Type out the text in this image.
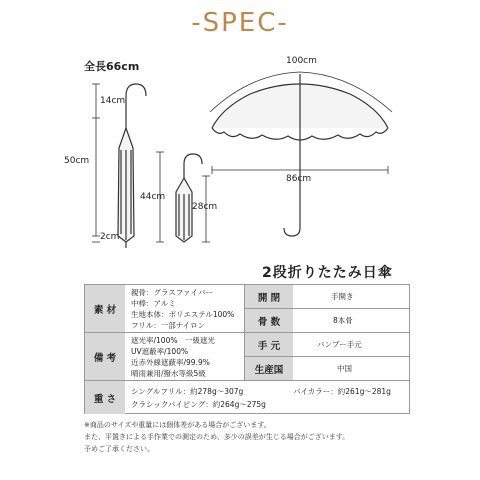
-SPEC-
全長66cm
14cm
50cm
2cm
44cm
28cm
100cm
86cm
2段折りたたみ日傘
素 材
備 考
重 さ
親骨：グラスファイバー
中棒：アルミ
生地本体：ポリエステル100%
フリル：一部ナイロン
遮光率/100%　一級遮光
UV遮蔽率/100%
近赤外線遮蔽率/99.9%
晴雨兼用/撥水等級5級
シングルフリル：約278g〜307g
クラシックパイピング：約264g〜275g
バイカラー：約261g〜281g
開 閉
骨 数
手 元
生産国
手開き
8本骨
バンブー手元
中国
※商品のサイズや重量には個体差がある場合がございます。
また、平置きによる手作業での測定のため、多少の誤差が生じる場合がございます。
予めご了承ください。
